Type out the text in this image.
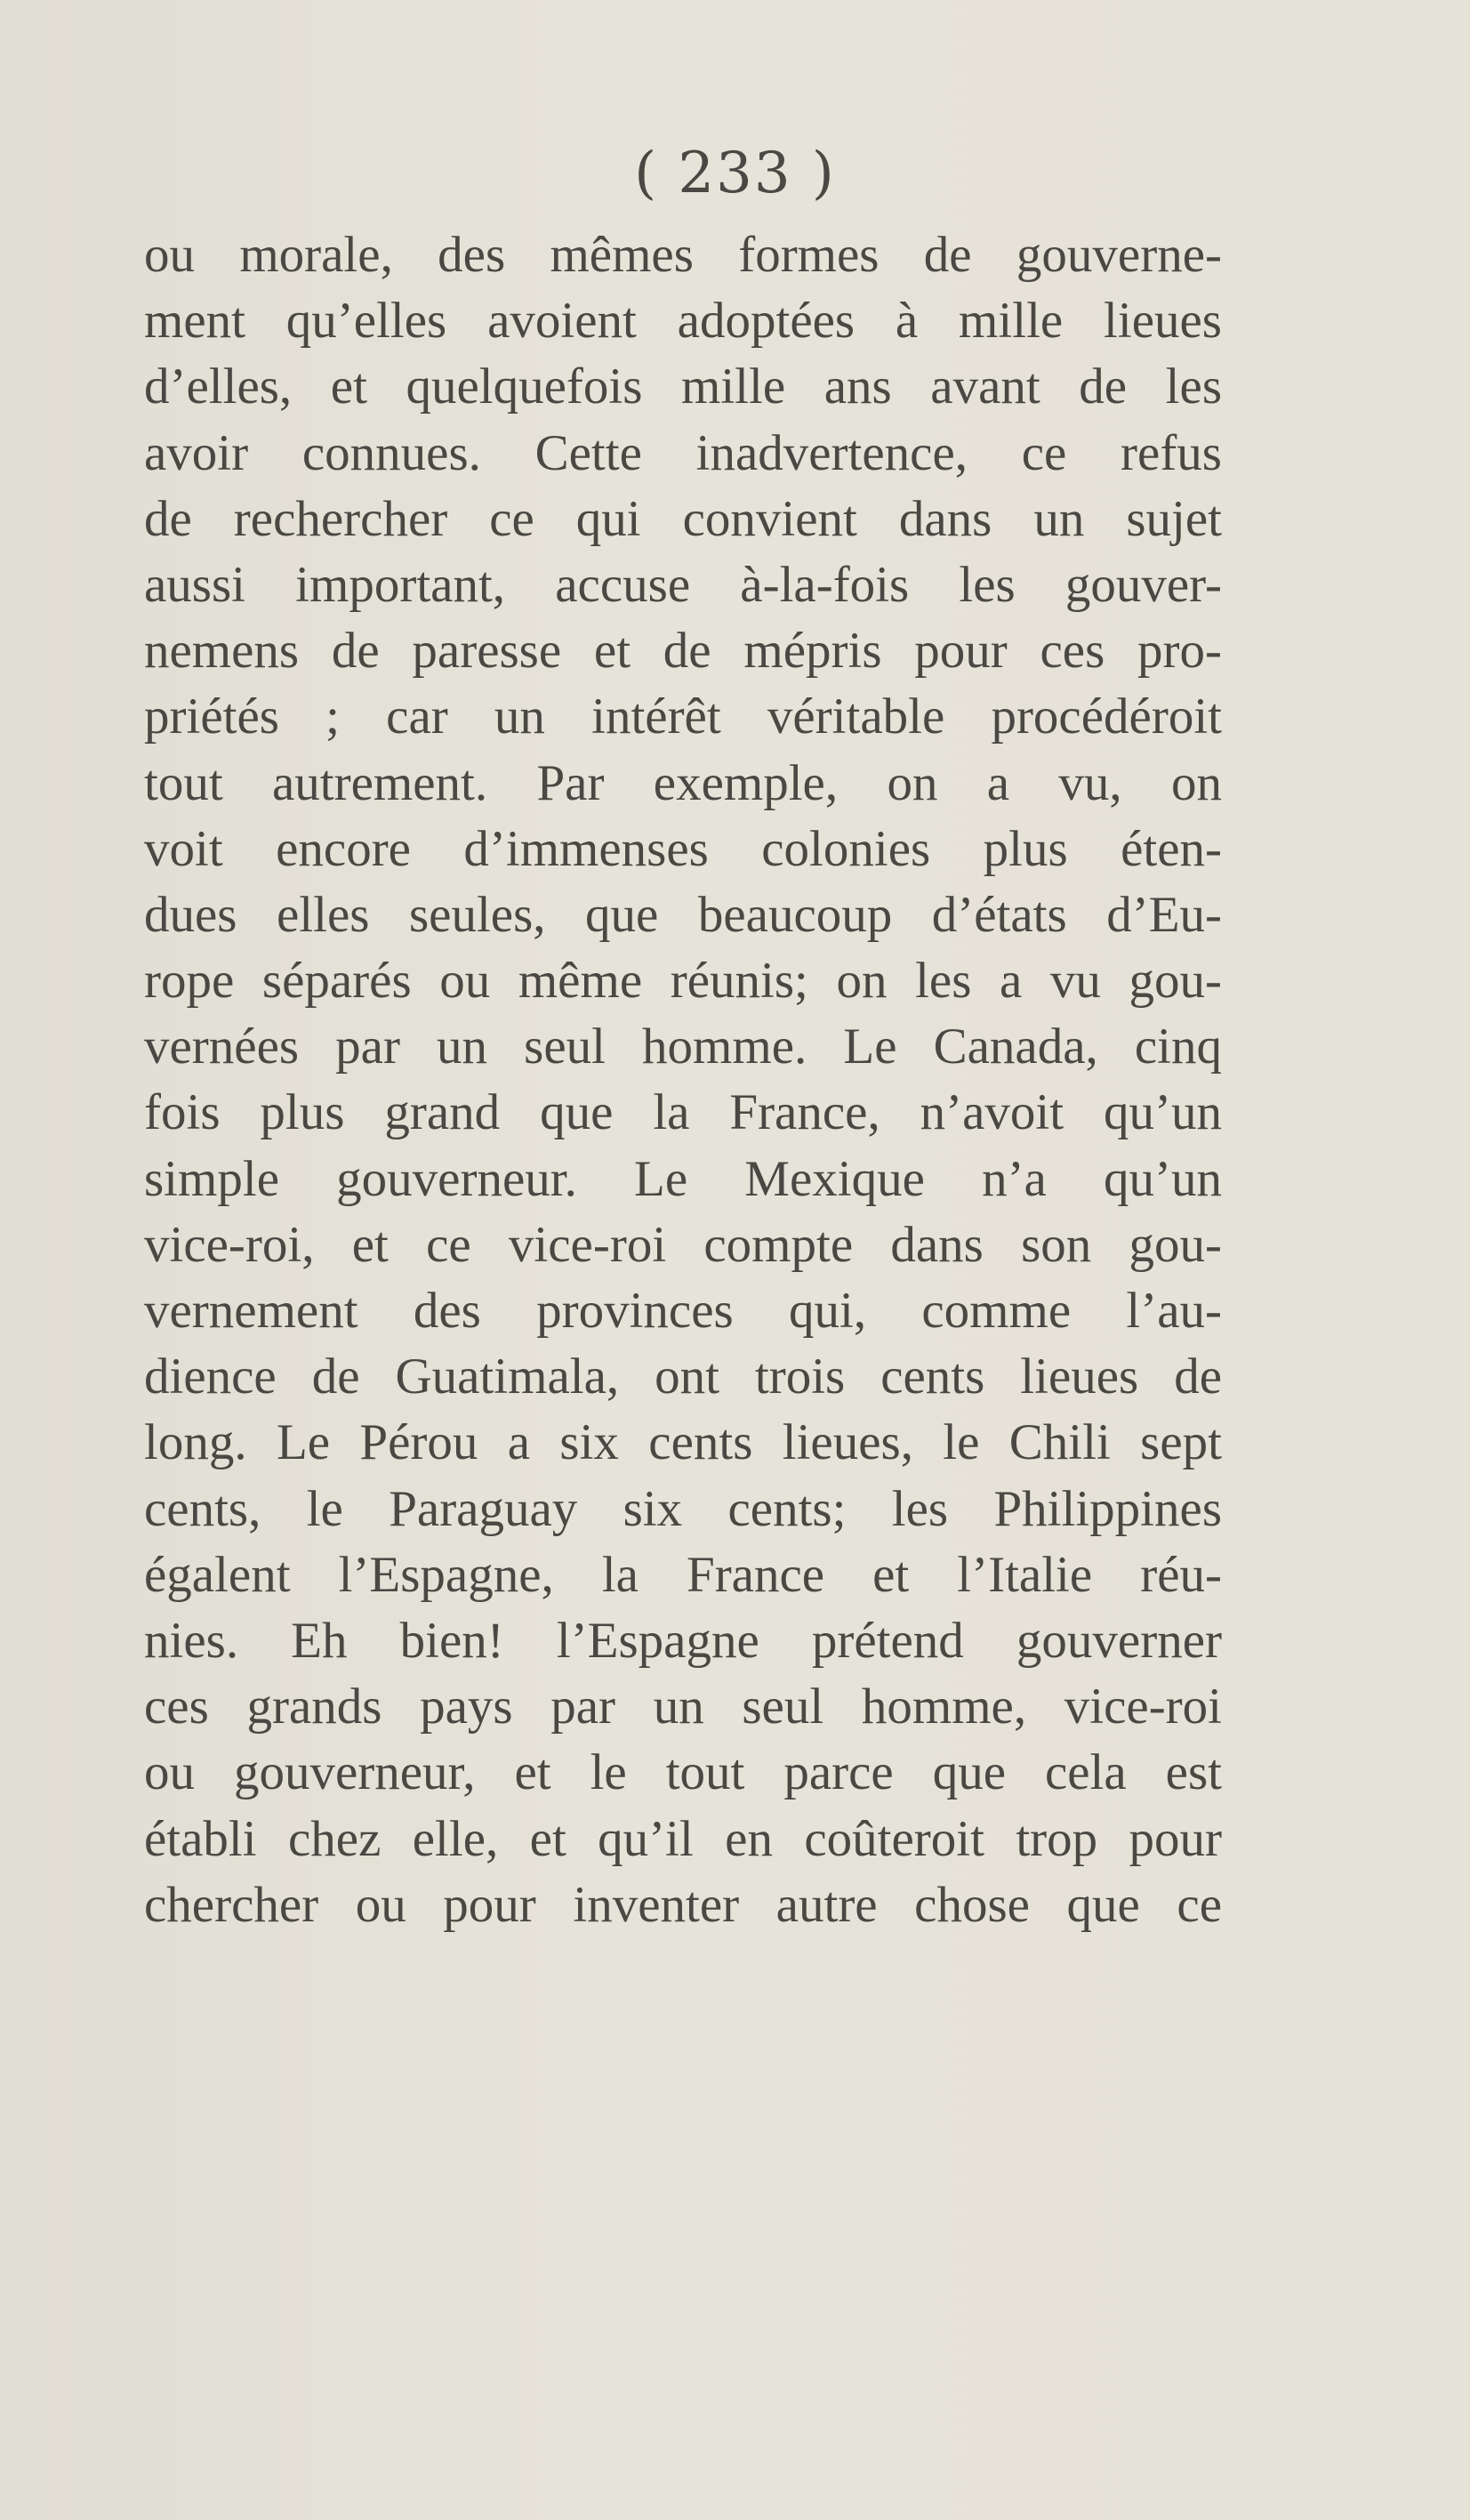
( 233 )
ou morale, des mêmes formes de gouverne-
ment qu’elles avoient adoptées à mille lieues
d’elles, et quelquefois mille ans avant de les
avoir connues. Cette inadvertence, ce refus
de rechercher ce qui convient dans un sujet
aussi important, accuse à-la-fois les gouver-
nemens de paresse et de mépris pour ces pro-
priétés ; car un intérêt véritable procédéroit
tout autrement. Par exemple, on a vu, on
voit encore d’immenses colonies plus éten-
dues elles seules, que beaucoup d’états d’Eu-
rope séparés ou même réunis; on les a vu gou-
vernées par un seul homme. Le Canada, cinq
fois plus grand que la France, n’avoit qu’un
simple gouverneur. Le Mexique n’a qu’un
vice-roi, et ce vice-roi compte dans son gou-
vernement des provinces qui, comme l’au-
dience de Guatimala, ont trois cents lieues de
long. Le Pérou a six cents lieues, le Chili sept
cents, le Paraguay six cents; les Philippines
égalent l’Espagne, la France et l’Italie réu-
nies. Eh bien! l’Espagne prétend gouverner
ces grands pays par un seul homme, vice-roi
ou gouverneur, et le tout parce que cela est
établi chez elle, et qu’il en coûteroit trop pour
chercher ou pour inventer autre chose que ce
